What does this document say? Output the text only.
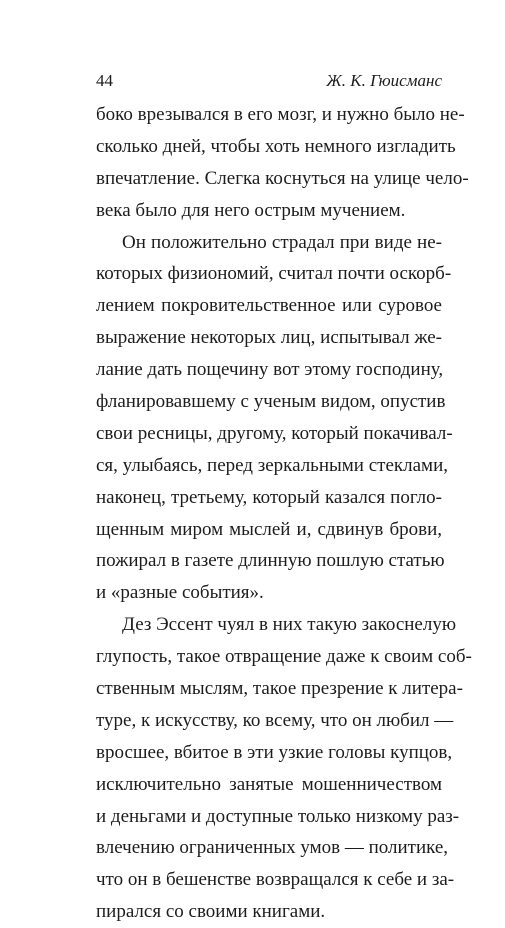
44	Ж. К. Гюисманс
боко врезывался в его мозг, и нужно было не-
сколько дней, чтобы хоть немного изгладить
впечатление. Слегка коснуться на улице чело-
века было для него острым мучением.
Он положительно страдал при виде не-
которых физиономий, считал почти оскорб-
лением покровительственное или суровое
выражение некоторых лиц, испытывал же-
лание дать пощечину вот этому господину,
фланировавшему с ученым видом, опустив
свои ресницы, другому, который покачивал-
ся, улыбаясь, перед зеркальными стеклами,
наконец, третьему, который казался погло-
щенным миром мыслей и, сдвинув брови,
пожирал в газете длинную пошлую статью
и «разные события».
Дез Эссент чуял в них такую закоснелую
глупость, такое отвращение даже к своим соб-
ственным мыслям, такое презрение к литера-
туре, к искусству, ко всему, что он любил —
вросшее, вбитое в эти узкие головы купцов,
исключительно занятые мошенничеством
и деньгами и доступные только низкому раз-
влечению ограниченных умов — политике,
что он в бешенстве возвращался к себе и за-
пирался со своими книгами.
